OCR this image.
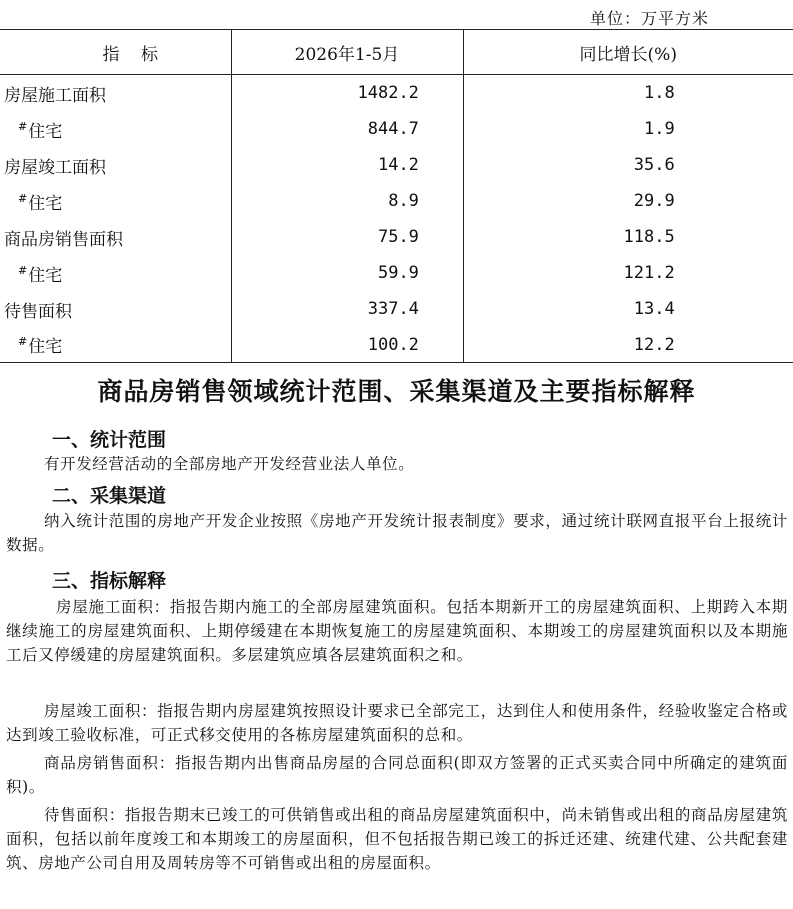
单位：万平方米
指    标	2026年1-5月	同比增长(%)
房屋施工面积	1482.2	1.8
#住宅	844.7	1.9
房屋竣工面积	14.2	35.6
#住宅	8.9	29.9
商品房销售面积	75.9	118.5
#住宅	59.9	121.2
待售面积	337.4	13.4
#住宅	100.2	12.2
商品房销售领域统计范围、采集渠道及主要指标解释
一、统计范围

有开发经营活动的全部房地产开发经营业法人单位。

二、采集渠道

纳入统计范围的房地产开发企业按照《房地产开发统计报表制度》要求，通过统计联网直报平台上报统计数据。

三、指标解释

房屋施工面积：指报告期内施工的全部房屋建筑面积。包括本期新开工的房屋建筑面积、上期跨入本期继续施工的房屋建筑面积、上期停缓建在本期恢复施工的房屋建筑面积、本期竣工的房屋建筑面积以及本期施工后又停缓建的房屋建筑面积。多层建筑应填各层建筑面积之和。

房屋竣工面积：指报告期内房屋建筑按照设计要求已全部完工，达到住人和使用条件，经验收鉴定合格或达到竣工验收标准，可正式移交使用的各栋房屋建筑面积的总和。

商品房销售面积：指报告期内出售商品房屋的合同总面积(即双方签署的正式买卖合同中所确定的建筑面积)。

待售面积：指报告期末已竣工的可供销售或出租的商品房屋建筑面积中，尚未销售或出租的商品房屋建筑面积，包括以前年度竣工和本期竣工的房屋面积，但不包括报告期已竣工的拆迁还建、统建代建、公共配套建筑、房地产公司自用及周转房等不可销售或出租的房屋面积。
